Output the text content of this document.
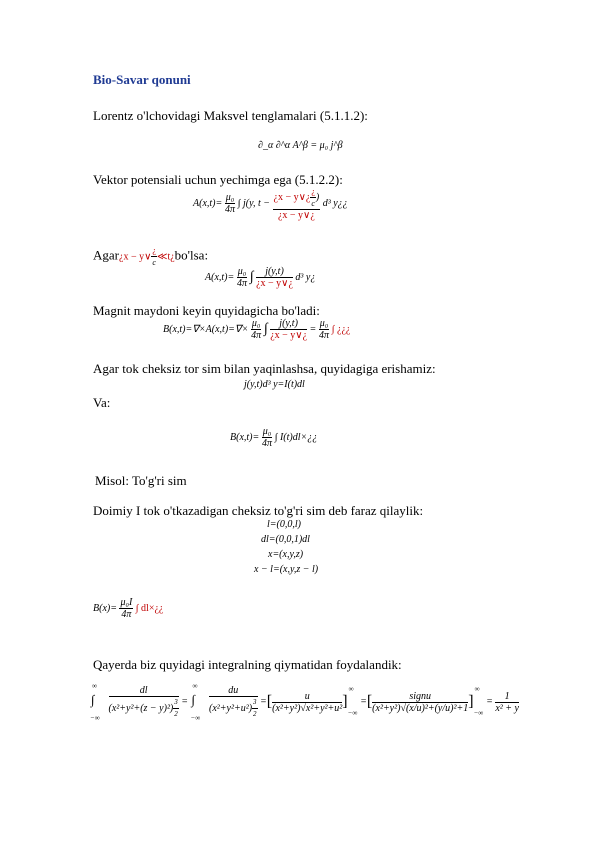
Bio-Savar qonuni
Lorentz o'lchovidagi Maksvel tenglamalari (5.1.1.2):
∂_α ∂^α A^β = μ₀ j^β
Vektor potensiali uchun yechimga ega (5.1.2.2):
$A(x,t)= \frac{\text{μ₀}}{4\pi}$ ∫ j(y, $t - \frac{¿x - y\vee¿ \frac{¿}{c} )}{¿x - y\vee¿} d^3$ y¿¿
Agar¿x − y∨ $\frac{¿}{c}$ ≪t¿bo'lsa:
$A(x,t)= \frac{\text{μ₀}}{4\pi}$ ∫ $\frac{j(y,t)}{¿x - y\vee¿} d^3$ y¿
Magnit maydoni keyin quyidagicha bo'ladi:
$B(x,t)=\nabla\times A(x,t)=\nabla\times \frac{\text{μ₀}}{4\pi}$ ∫ $\frac{j(y,t)}{¿x - y\vee¿} = \frac{\text{μ₀}}{4\pi}$ ∫ ¿¿¿
Agar tok cheksiz tor sim bilan yaqinlashsa, quyidagiga erishamiz:
j(y,t)d³ y=I(t)dl
Va:
$B(x,t)= \frac{\text{μ₀}}{4\pi}$ ∫ I(t)dl×¿¿
Misol: To'g'ri sim
Doimiy I tok o'tkazadigan cheksiz to'g'ri sim deb faraz qilaylik:
l=(0,0,l)
dl=(0,0,1)dl
x=(x,y,z)
x − l=(x,y,z − l)
$B(x)= \frac{\text{μ₀I}}{4\pi}$ ∫ dl×¿¿
Qayerda biz quyidagi integralning qiymatidan foydalandik:
∞
∫
−∞
$\frac{dl}{(x^2+y^2+(z - y)^2) \frac{3}{2}}$ =
∞
∫
−∞
$\frac{du}{(x^2+y^2+u^2) \frac{3}{2}}$ =[ $\frac{u}{\text{(x²+y²)√x²+y²+u²}}$ ]
∞
−∞
=[ $\frac{\text{signu}}{\text{(x²+y²)√(x/u)²+(y/u)²+1}}$ ]
∞
−∞
= $\frac{1}{\text{x² + y}}$
